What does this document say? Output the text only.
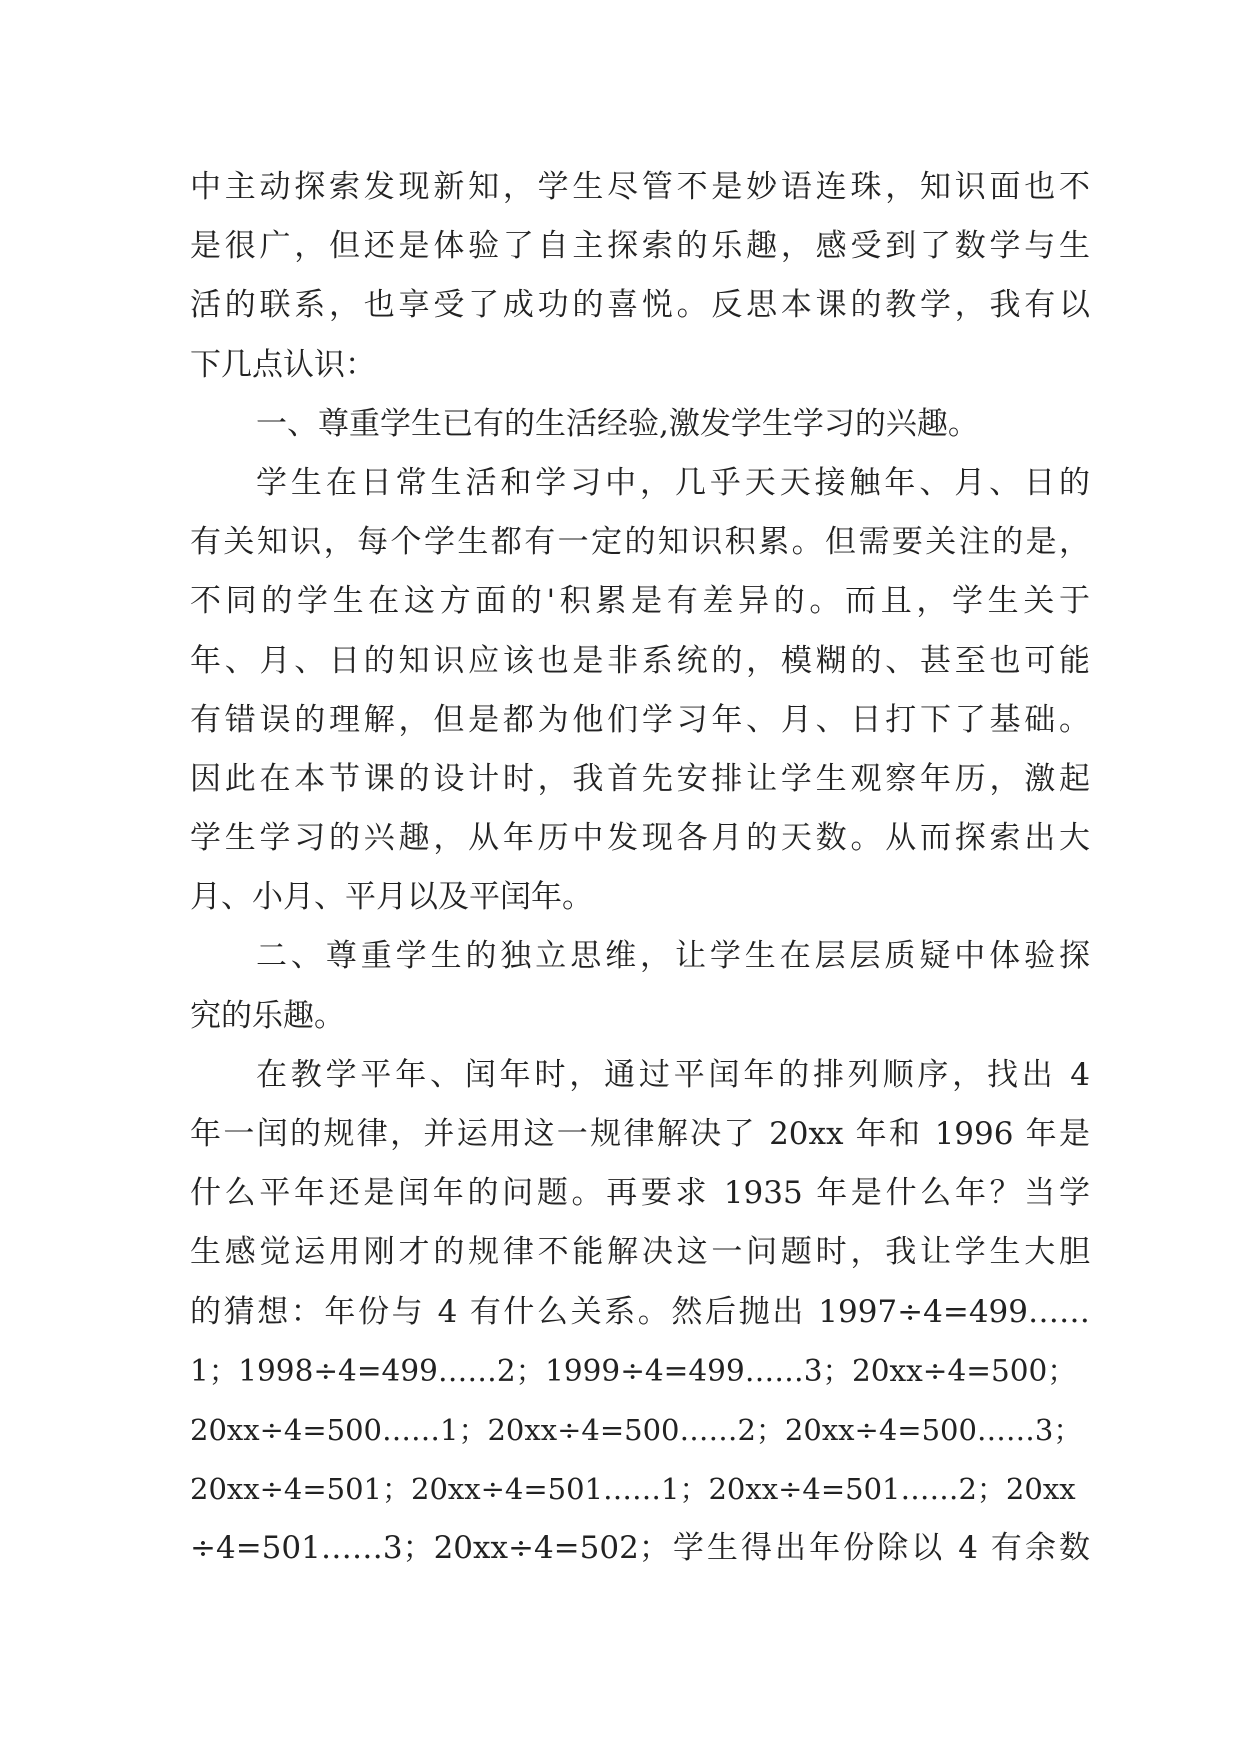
中主动探索发现新知，学生尽管不是妙语连珠，知识面也不
是很广，但还是体验了自主探索的乐趣，感受到了数学与生
活的联系，也享受了成功的喜悦。反思本课的教学，我有以
下几点认识：
一、尊重学生已有的生活经验,激发学生学习的兴趣。
学生在日常生活和学习中，几乎天天接触年、月、日的
有关知识，每个学生都有一定的知识积累。但需要关注的是，
不同的学生在这方面的'积累是有差异的。而且，学生关于
年、月、日的知识应该也是非系统的，模糊的、甚至也可能
有错误的理解，但是都为他们学习年、月、日打下了基础。
因此在本节课的设计时，我首先安排让学生观察年历，激起
学生学习的兴趣，从年历中发现各月的天数。从而探索出大
月、小月、平月以及平闰年。
二、尊重学生的独立思维，让学生在层层质疑中体验探
究的乐趣。
在教学平年、闰年时，通过平闰年的排列顺序，找出 4
年一闰的规律，并运用这一规律解决了 20xx 年和 1996 年是
什么平年还是闰年的问题。再要求 1935 年是什么年？当学
生感觉运用刚才的规律不能解决这一问题时，我让学生大胆
的猜想：年份与 4 有什么关系。然后抛出 1997÷4=499……
1；1998÷4=499……2；1999÷4=499……3；20xx÷4=500；
20xx÷4=500……1；20xx÷4=500……2；20xx÷4=500……3；
20xx÷4=501；20xx÷4=501……1；20xx÷4=501……2；20xx
÷4=501……3；20xx÷4=502；学生得出年份除以 4 有余数
